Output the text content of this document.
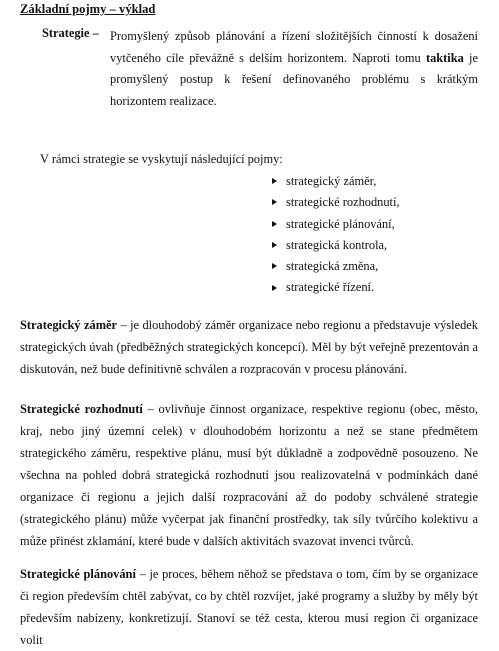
Základní pojmy – výklad
Strategie – Promyšlený způsob plánování a řízení složitějších činností k dosažení vytčeného cíle převážně s delším horizontem. Naproti tomu taktika je promyšlený postup k řešení definovaného problému s krátkým horizontem realizace.
V rámci strategie se vyskytují následující pojmy:
strategický záměr,
strategické rozhodnutí,
strategické plánování,
strategická kontrola,
strategická změna,
strategické řízení.

Strategický záměr – je dlouhodobý záměr organizace nebo regionu a představuje výsledek strategických úvah (předběžných strategických koncepcí). Měl by být veřejně prezentován a diskutován, než bude definitivně schválen a rozpracován v procesu plánování.

Strategické rozhodnutí – ovlivňuje činnost organizace, respektive regionu (obec, město, kraj, nebo jiný územní celek) v dlouhodobém horizontu a než se stane předmětem strategického záměru, respektive plánu, musí být důkladně a zodpovědně posouzeno. Ne všechna na pohled dobrá strategická rozhodnutí jsou realizovatelná v podmínkách dané organizace či regionu a jejich další rozpracování až do podoby schválené strategie (strategického plánu) může vyčerpat jak finanční prostředky, tak síly tvůrčího kolektivu a může přinést zklamání, které bude v dalších aktivitách svazovat invenci tvůrců.

Strategické plánování – je proces, během něhož se představa o tom, čím by se organizace či region především chtěl zabývat, co by chtěl rozvíjet, jaké programy a služby by měly být především nabízeny, konkretizují. Stanoví se též cesta, kterou musí region či organizace volit
